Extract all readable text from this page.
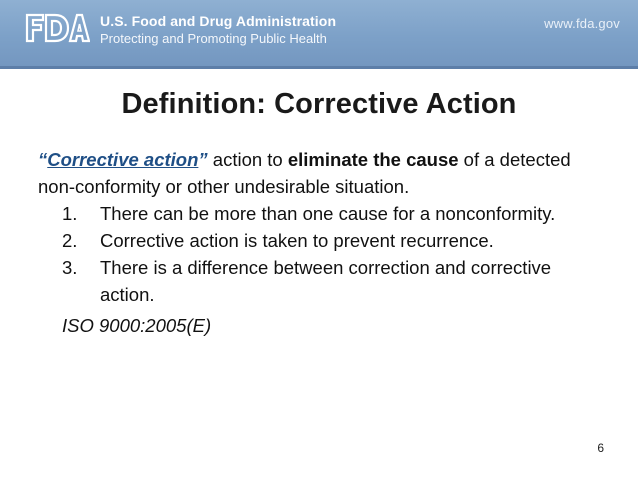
U.S. Food and Drug Administration
Protecting and Promoting Public Health
www.fda.gov
Definition: Corrective Action
“Corrective action” action to eliminate the cause of a detected non-conformity or other undesirable situation.
1. There can be more than one cause for a nonconformity.
2. Corrective action is taken to prevent recurrence.
3. There is a difference between correction and corrective action.
ISO 9000:2005(E)
6
